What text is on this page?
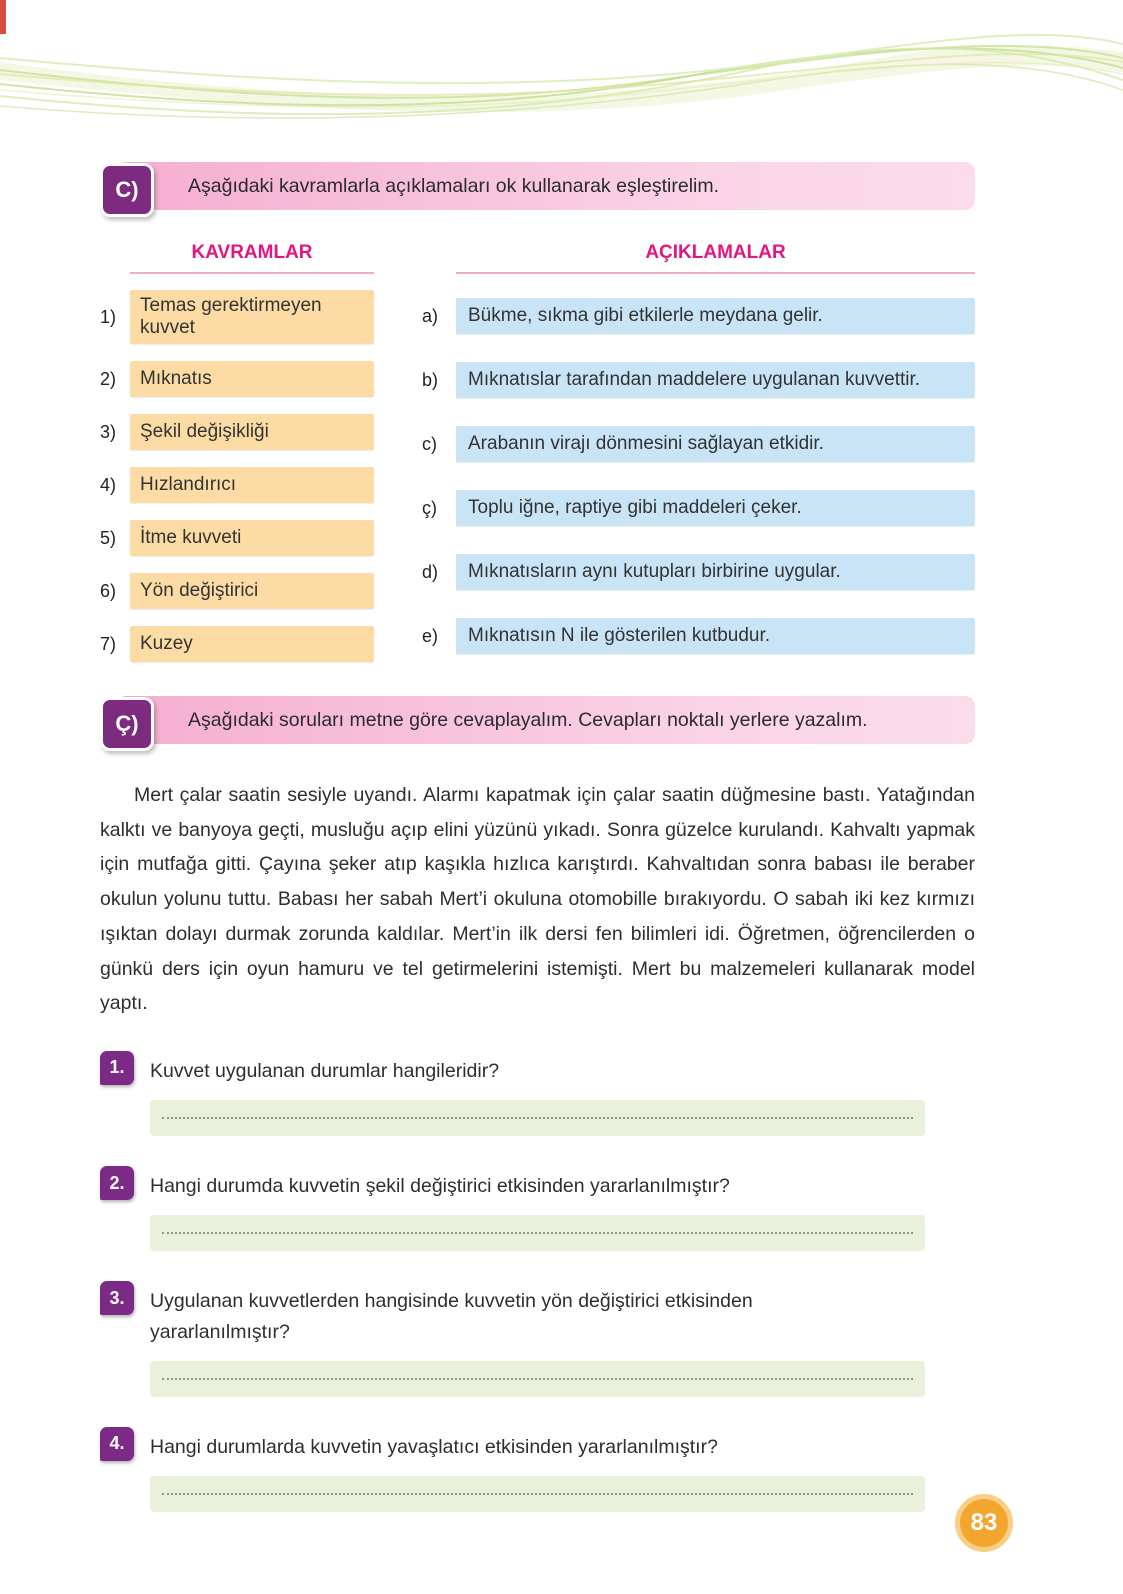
Aşağıdaki kavramlarla açıklamaları ok kullanarak eşleştirelim.
C)
KAVRAMLAR
1)
Temas gerektirmeyen kuvvet
2)	Mıknatıs
3)	Şekil değişikliği
4)	Hızlandırıcı
5)	İtme kuvveti
6)	Yön değiştirici
7)	Kuzey
AÇIKLAMALAR
a)	Bükme, sıkma gibi etkilerle meydana gelir.
b)	Mıknatıslar tarafından maddelere uygulanan kuvvettir.
c)	Arabanın virajı dönmesini sağlayan etkidir.
ç)	Toplu iğne, raptiye gibi maddeleri çeker.
d)	Mıknatısların aynı kutupları birbirine uygular.
e)	Mıknatısın N ile gösterilen kutbudur.
Aşağıdaki soruları metne göre cevaplayalım. Cevapları noktalı yerlere yazalım.
Ç)

Mert çalar saatin sesiyle uyandı. Alarmı kapatmak için çalar saatin düğmesine bastı. Yatağından kalktı ve banyoya geçti, musluğu açıp elini yüzünü yıkadı. Sonra güzelce kurulandı. Kahvaltı yapmak için mutfağa gitti. Çayına şeker atıp kaşıkla hızlıca karıştırdı. Kahvaltıdan sonra babası ile beraber okulun yolunu tuttu. Babası her sabah Mert’i okuluna otomobille bırakıyordu. O sabah iki kez kırmızı ışıktan dolayı durmak zorunda kaldılar. Mert’in ilk dersi fen bilimleri idi. Öğretmen, öğrencilerden o günkü ders için oyun hamuru ve tel getirmelerini istemişti. Mert bu malzemeleri kullanarak model yaptı.

1.	Kuvvet uygulanan durumlar hangileridir?
2.	Hangi durumda kuvvetin şekil değiştirici etkisinden yararlanılmıştır?
3.	Uygulanan kuvvetlerden hangisinde kuvvetin yön değiştirici etkisinden yararlanılmıştır?
4.	Hangi durumlarda kuvvetin yavaşlatıcı etkisinden yararlanılmıştır?
83
